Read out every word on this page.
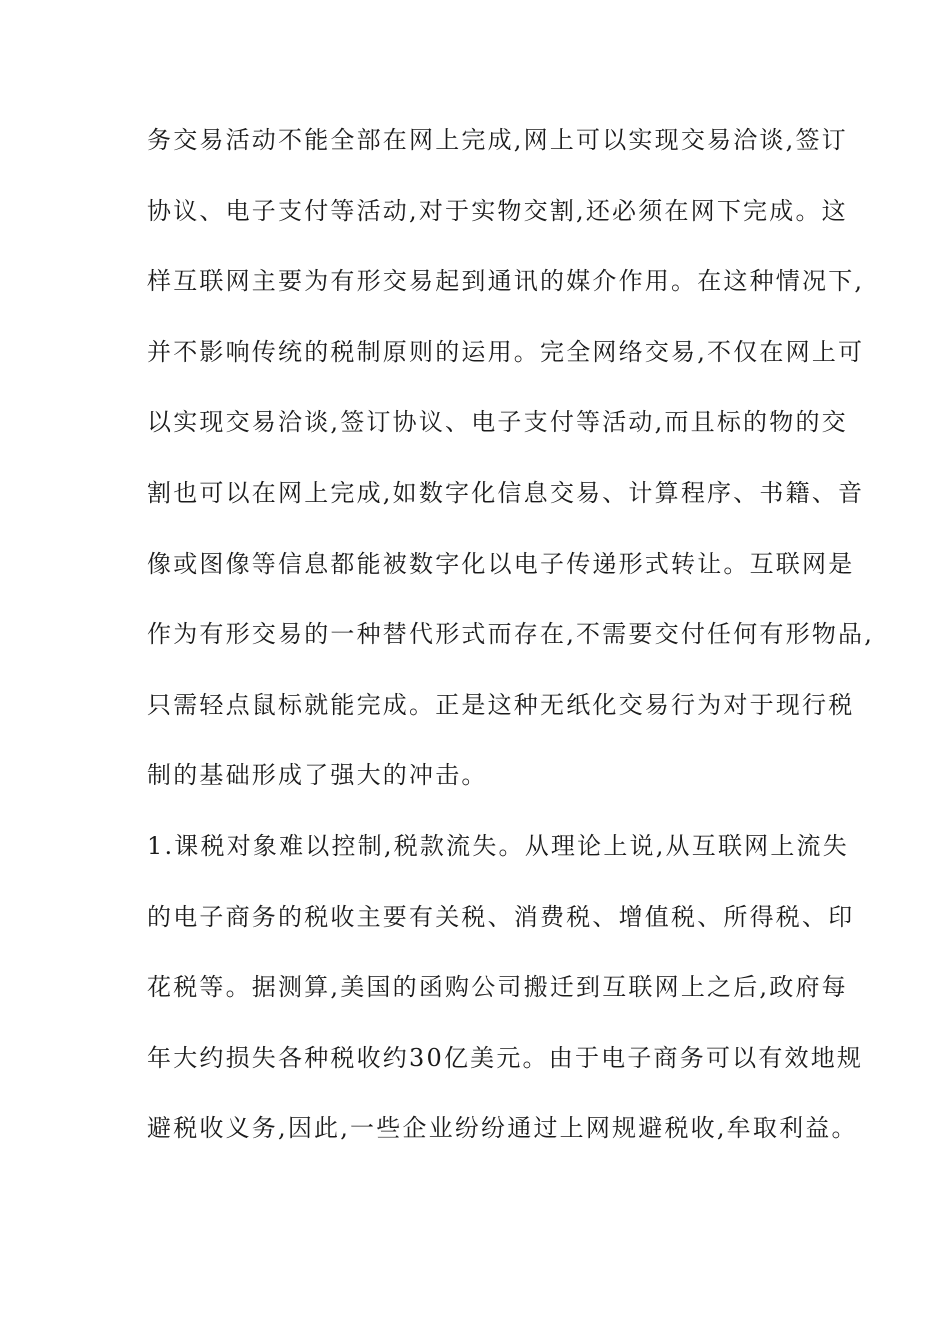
务交易活动不能全部在网上完成,网上可以实现交易洽谈,签订
协议、电子支付等活动,对于实物交割,还必须在网下完成。这
样互联网主要为有形交易起到通讯的媒介作用。在这种情况下,
并不影响传统的税制原则的运用。完全网络交易,不仅在网上可
以实现交易洽谈,签订协议、电子支付等活动,而且标的物的交
割也可以在网上完成,如数字化信息交易、计算程序、书籍、音
像或图像等信息都能被数字化以电子传递形式转让。互联网是
作为有形交易的一种替代形式而存在,不需要交付任何有形物品,
只需轻点鼠标就能完成。正是这种无纸化交易行为对于现行税
制的基础形成了强大的冲击。
1.课税对象难以控制,税款流失。从理论上说,从互联网上流失
的电子商务的税收主要有关税、消费税、增值税、所得税、印
花税等。据测算,美国的函购公司搬迁到互联网上之后,政府每
年大约损失各种税收约30亿美元。由于电子商务可以有效地规
避税收义务,因此,一些企业纷纷通过上网规避税收,牟取利益。
